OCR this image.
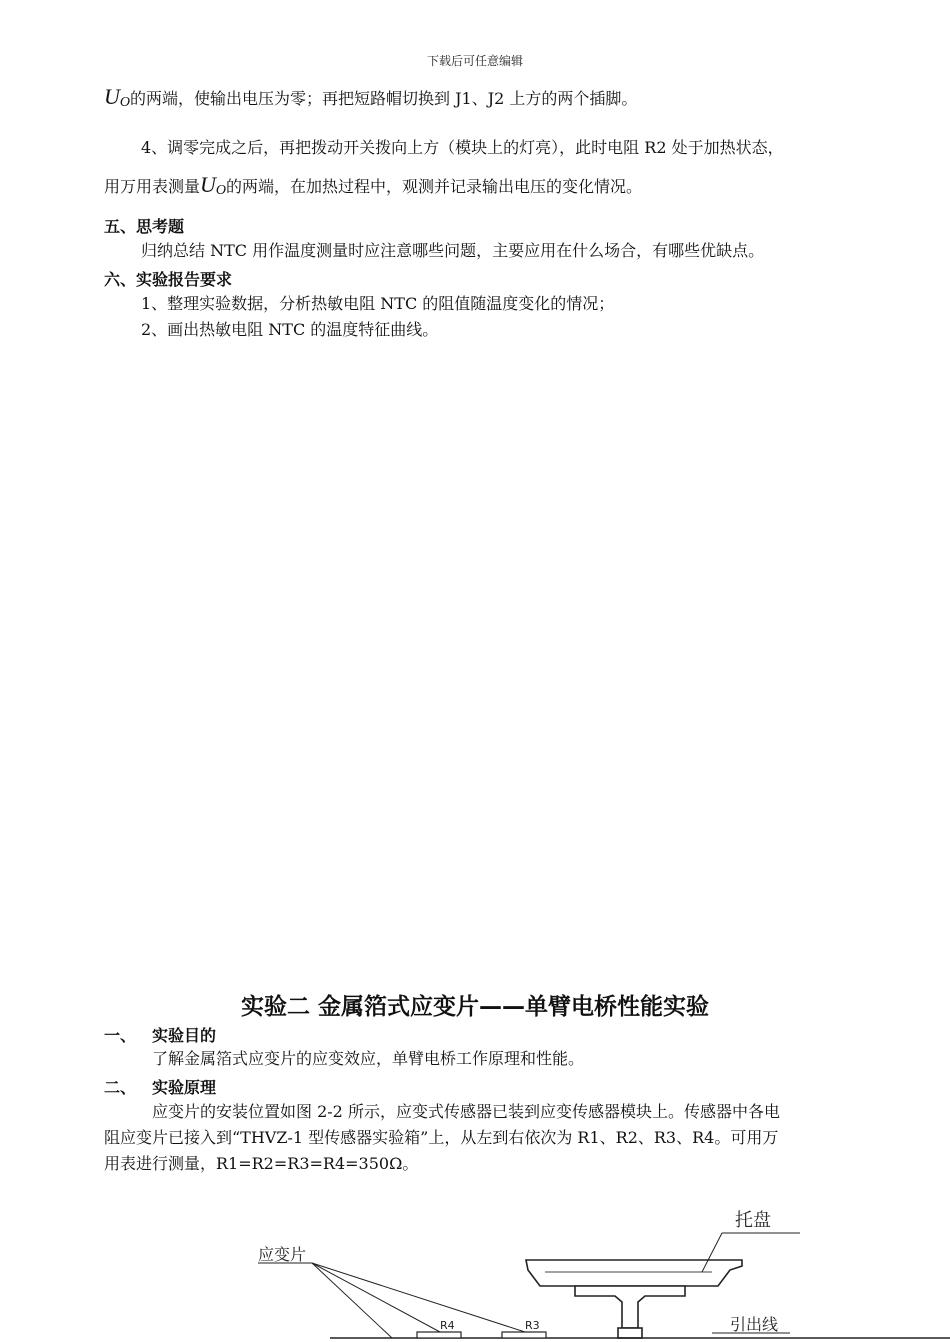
下载后可任意编辑
UO的两端，使输出电压为零；再把短路帽切换到 J1、J2 上方的两个插脚。
4、调零完成之后，再把拨动开关拨向上方（模块上的灯亮），此时电阻 R2 处于加热状态，
用万用表测量UO的两端，在加热过程中，观测并记录输出电压的变化情况。
五、思考题
归纳总结 NTC 用作温度测量时应注意哪些问题，主要应用在什么场合，有哪些优缺点。
六、实验报告要求
1、整理实验数据，分析热敏电阻 NTC 的阻值随温度变化的情况；
2、画出热敏电阻 NTC 的温度特征曲线。
实验二 金属箔式应变片——单臂电桥性能实验
一、 实验目的
了解金属箔式应变片的应变效应，单臂电桥工作原理和性能。
二、 实验原理
应变片的安装位置如图 2-2 所示，应变式传感器已装到应变传感器模块上。传感器中各电
阻应变片已接入到“THVZ-1 型传感器实验箱”上，从左到右依次为 R1、R2、R3、R4。可用万
用表进行测量，R1=R2=R3=R4=350Ω。
R4	R3
应变片
托盘
引出线
